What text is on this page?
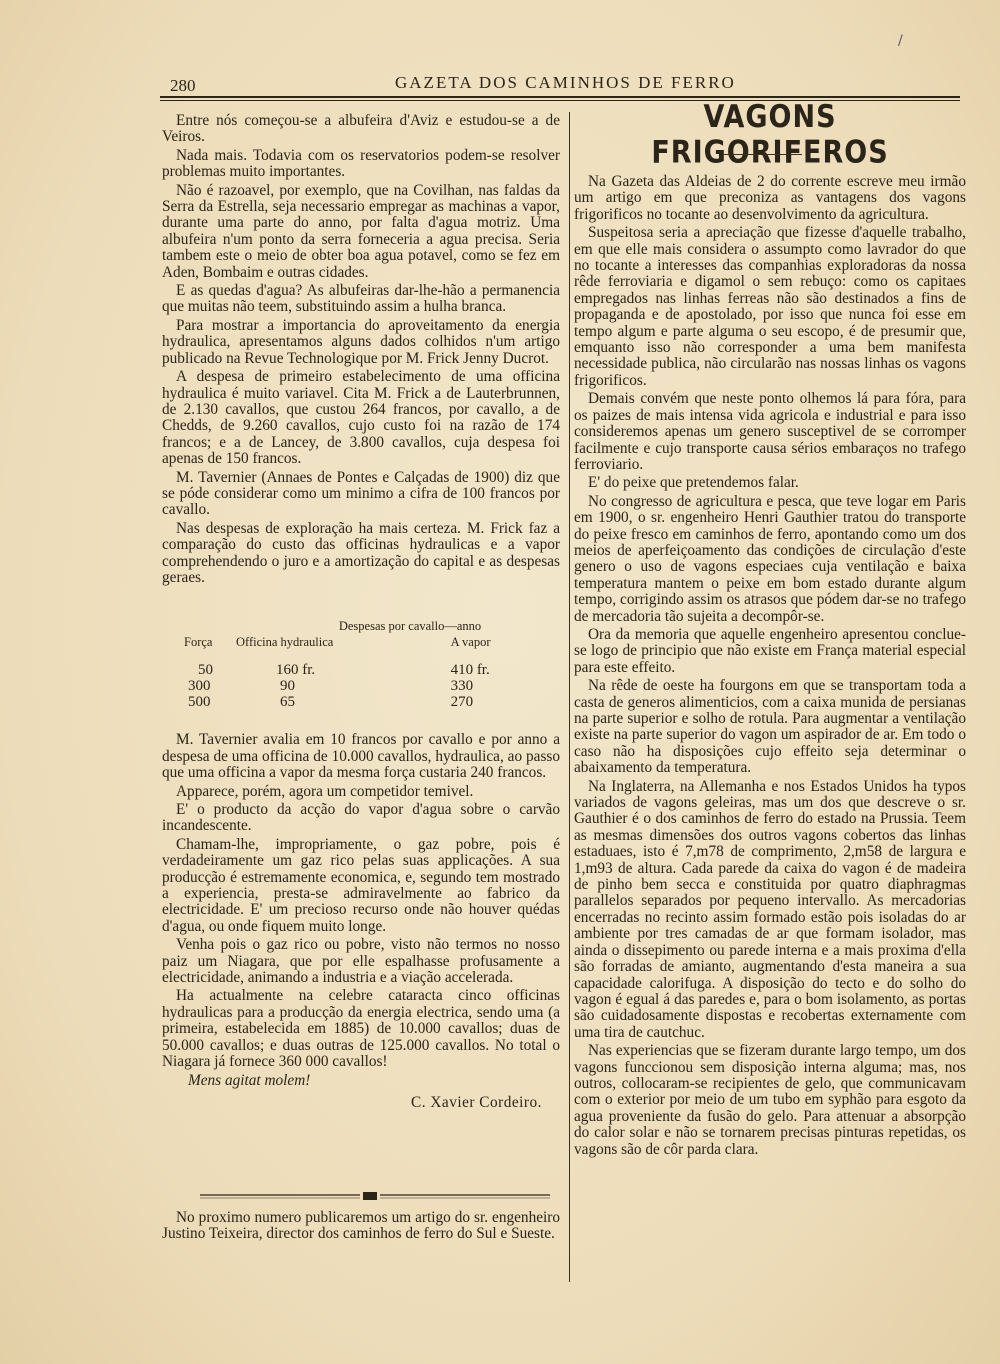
/
280	GAZETA DOS CAMINHOS DE FERRO

Entre nós começou-se a albufeira d'Aviz e estudou-se a de Veiros.

Nada mais. Todavia com os reservatorios podem-se resolver problemas muito importantes.

Não é razoavel, por exemplo, que na Covilhan, nas faldas da Serra da Estrella, seja necessario empregar as machinas a vapor, durante uma parte do anno, por falta d'agua motriz. Uma albufeira n'um ponto da serra forneceria a agua precisa. Seria tambem este o meio de obter boa agua potavel, como se fez em Aden, Bombaim e outras cidades.

E as quedas d'agua? As albufeiras dar-lhe-hão a permanencia que muitas não teem, substituindo assim a hulha branca.

Para mostrar a importancia do aproveitamento da energia hydraulica, apresentamos alguns dados colhidos n'um artigo publicado na Revue Technologique por M. Frick Jenny Ducrot.

A despesa de primeiro estabelecimento de uma officina hydraulica é muito variavel. Cita M. Frick a de Lauterbrunnen, de 2.130 cavallos, que custou 264 francos, por cavallo, a de Chedds, de 9.260 cavallos, cujo custo foi na razão de 174 francos; e a de Lancey, de 3.800 cavallos, cuja despesa foi apenas de 150 francos.

M. Tavernier (Annaes de Pontes e Calçadas de 1900) diz que se póde considerar como um minimo a cifra de 100 francos por cavallo.

Nas despesas de exploração ha mais certeza. M. Frick faz a comparação do custo das officinas hydraulicas e a vapor comprehendendo o juro e a amortização do capital e as despesas geraes.

	Despesas por cavallo—anno	
Força	Officina hydraulica	A vapor

50	160 fr.	410 fr.
300	90	330
500	65	270

M. Tavernier avalia em 10 francos por cavallo e por anno a despesa de uma officina de 10.000 cavallos, hydraulica, ao passo que uma officina a vapor da mesma força custaria 240 francos.

Apparece, porém, agora um competidor temivel.

E' o producto da acção do vapor d'agua sobre o carvão incandescente.

Chamam-lhe, impropriamente, o gaz pobre, pois é verdadeiramente um gaz rico pelas suas applicações. A sua producção é estremamente economica, e, segundo tem mostrado a experiencia, presta-se admiravelmente ao fabrico da electricidade. E' um precioso recurso onde não houver quédas d'agua, ou onde fiquem muito longe.

Venha pois o gaz rico ou pobre, visto não termos no nosso paiz um Niagara, que por elle espalhasse profusamente a electricidade, animando a industria e a viação accelerada.

Ha actualmente na celebre cataracta cinco officinas hydraulicas para a producção da energia electrica, sendo uma (a primeira, estabelecida em 1885) de 10.000 cavallos; duas de 50.000 cavallos; e duas outras de 125.000 cavallos. No total o Niagara já fornece 360 000 cavallos!

Mens agitat molem!

C. Xavier Cordeiro.

No proximo numero publicaremos um artigo do sr. engenheiro Justino Teixeira, director dos caminhos de ferro do Sul e Sueste.

VAGONS FRIGORIFEROS

Na Gazeta das Aldeias de 2 do corrente escreve meu irmão um artigo em que preconiza as vantagens dos vagons frigorificos no tocante ao desenvolvimento da agricultura.

Suspeitosa seria a apreciação que fizesse d'aquelle trabalho, em que elle mais considera o assumpto como lavrador do que no tocante a interesses das companhias exploradoras da nossa rêde ferroviaria e digamol o sem rebuço: como os capitaes empregados nas linhas ferreas não são destinados a fins de propaganda e de apostolado, por isso que nunca foi esse em tempo algum e parte alguma o seu escopo, é de presumir que, emquanto isso não corresponder a uma bem manifesta necessidade publica, não circularão nas nossas linhas os vagons frigorificos.

Demais convém que neste ponto olhemos lá para fóra, para os paizes de mais intensa vida agricola e industrial e para isso consideremos apenas um genero susceptivel de se corromper facilmente e cujo transporte causa sérios embaraços no trafego ferroviario.

E' do peixe que pretendemos falar.

No congresso de agricultura e pesca, que teve logar em Paris em 1900, o sr. engenheiro Henri Gauthier tratou do transporte do peixe fresco em caminhos de ferro, apontando como um dos meios de aperfeiçoamento das condições de circulação d'este genero o uso de vagons especiaes cuja ventilação e baixa temperatura mantem o peixe em bom estado durante algum tempo, corrigindo assim os atrasos que pódem dar-se no trafego de mercadoria tão sujeita a decompôr-se.

Ora da memoria que aquelle engenheiro apresentou conclue-se logo de principio que não existe em França material especial para este effeito.

Na rêde de oeste ha fourgons em que se transportam toda a casta de generos alimenticios, com a caixa munida de persianas na parte superior e solho de rotula. Para augmentar a ventilação existe na parte superior do vagon um aspirador de ar. Em todo o caso não ha disposições cujo effeito seja determinar o abaixamento da temperatura.

Na Inglaterra, na Allemanha e nos Estados Unidos ha typos variados de vagons geleiras, mas um dos que descreve o sr. Gauthier é o dos caminhos de ferro do estado na Prussia. Teem as mesmas dimensões dos outros vagons cobertos das linhas estaduaes, isto é 7,m78 de comprimento, 2,m58 de largura e 1,m93 de altura. Cada parede da caixa do vagon é de madeira de pinho bem secca e constituida por quatro diaphragmas parallelos separados por pequeno intervallo. As mercadorias encerradas no recinto assim formado estão pois isoladas do ar ambiente por tres camadas de ar que formam isolador, mas ainda o dissepimento ou parede interna e a mais proxima d'ella são forradas de amianto, augmentando d'esta maneira a sua capacidade calorifuga. A disposição do tecto e do solho do vagon é egual á das paredes e, para o bom isolamento, as portas são cuidadosamente dispostas e recobertas externamente com uma tira de cautchuc.

Nas experiencias que se fizeram durante largo tempo, um dos vagons funccionou sem disposição interna alguma; mas, nos outros, collocaram-se recipientes de gelo, que communicavam com o exterior por meio de um tubo em syphão para esgoto da agua proveniente da fusão do gelo. Para attenuar a absorpção do calor solar e não se tornarem precisas pinturas repetidas, os vagons são de côr parda clara.
